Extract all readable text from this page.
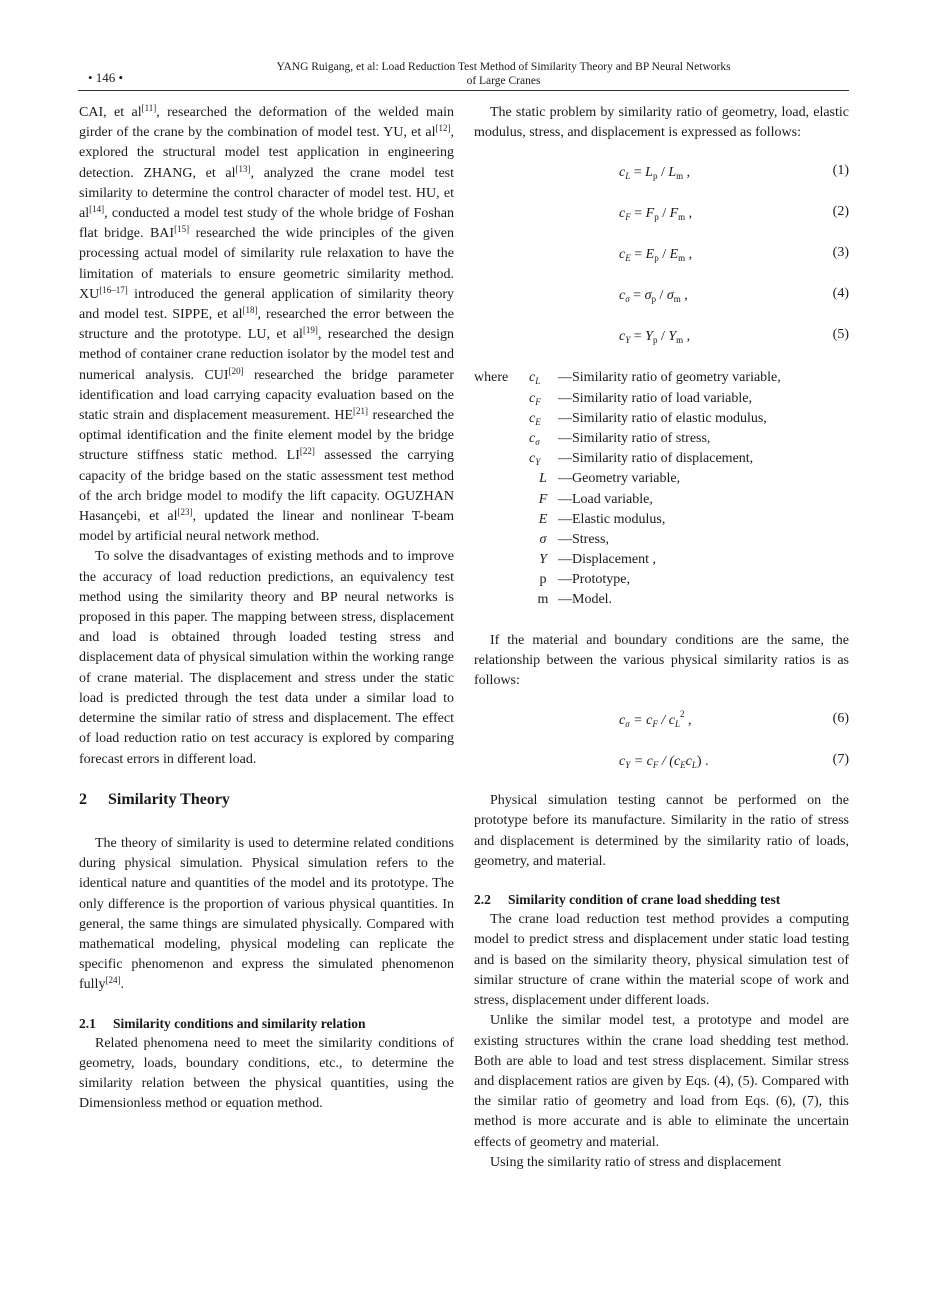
• 146 •
YANG Ruigang, et al: Load Reduction Test Method of Similarity Theory and BP Neural Networks
of Large Cranes

CAI, et al[11], researched the deformation of the welded main girder of the crane by the combination of model test. YU, et al[12], explored the structural model test application in engineering detection. ZHANG, et al[13], analyzed the crane model test similarity to determine the control character of model test. HU, et al[14], conducted a model test study of the whole bridge of Foshan flat bridge. BAI[15] researched the wide principles of the given processing actual model of similarity rule relaxation to have the limitation of materials to ensure geometric similarity method. XU[16–17] introduced the general application of similarity theory and model test. SIPPE, et al[18], researched the error between the structure and the prototype. LU, et al[19], researched the design method of container crane reduction isolator by the model test and numerical analysis. CUI[20] researched the bridge parameter identification and load carrying capacity evaluation based on the static strain and displacement measurement. HE[21] researched the optimal identification and the finite element model by the bridge structure stiffness static method. LI[22] assessed the carrying capacity of the bridge based on the static assessment test method of the arch bridge model to modify the lift capacity. OGUZHAN Hasançebi, et al[23], updated the linear and nonlinear T-beam model by artificial neural network method.

To solve the disadvantages of existing methods and to improve the accuracy of load reduction predictions, an equivalency test method using the similarity theory and BP neural networks is proposed in this paper. The mapping between stress, displacement and load is obtained through loaded testing stress and displacement data of physical simulation within the working range of crane material. The displacement and stress under the static load is predicted through the test data under a similar load to determine the similar ratio of stress and displacement. The effect of load reduction ratio on test accuracy is explored by comparing forecast errors in different load.

2 Similarity Theory

The theory of similarity is used to determine related conditions during physical simulation. Physical simulation refers to the identical nature and quantities of the model and its prototype. The only difference is the proportion of various physical quantities. In general, the same things are simulated physically. Compared with mathematical modeling, physical modeling can replicate the specific phenomenon and express the simulated phenomenon fully[24].

2.1 Similarity conditions and similarity relation

Related phenomena need to meet the similarity conditions of geometry, loads, boundary conditions, etc., to determine the similarity relation between the physical quantities, using the Dimensionless method or equation method.

The static problem by similarity ratio of geometry, load, elastic modulus, stress, and displacement is expressed as follows:

$c_L = L_p / L_m$ ,	(1)
$c_F = F_p / F_m$ ,	(2)
$c_E = E_p / E_m$ ,	(3)
$c_\sigma = \sigma_p / \sigma_m$ ,	(4)
$c_Y = Y_p / Y_m$ ,	(5)
where $c_L$	—Similarity ratio of geometry variable,
$c_F$	—Similarity ratio of load variable,
$c_E$	—Similarity ratio of elastic modulus,
$c_\sigma$	—Similarity ratio of stress,
$c_Y$	—Similarity ratio of displacement,
L —Geometry variable,
F —Load variable,
E —Elastic modulus,
σ —Stress,
Y —Displacement ,
p —Prototype,
m —Model.

If the material and boundary conditions are the same, the relationship between the various physical similarity ratios is as follows:

$c_\sigma = c_F / c_L^2$ ,	(6)
$c_Y = c_F / (c_Ec_L)$ .	(7)

Physical simulation testing cannot be performed on the prototype before its manufacture. Similarity in the ratio of stress and displacement is determined by the similarity ratio of loads, geometry, and material.

2.2 Similarity condition of crane load shedding test

The crane load reduction test method provides a computing model to predict stress and displacement under static load testing and is based on the similarity theory, physical simulation test of similar structure of crane within the material scope of work and stress, displacement under different loads.

Unlike the similar model test, a prototype and model are existing structures within the crane load shedding test method. Both are able to load and test stress displacement. Similar stress and displacement ratios are given by Eqs. (4), (5). Compared with the similar ratio of geometry and load from Eqs. (6), (7), this method is more accurate and is able to eliminate the uncertain effects of geometry and material.

Using the similarity ratio of stress and displacement
